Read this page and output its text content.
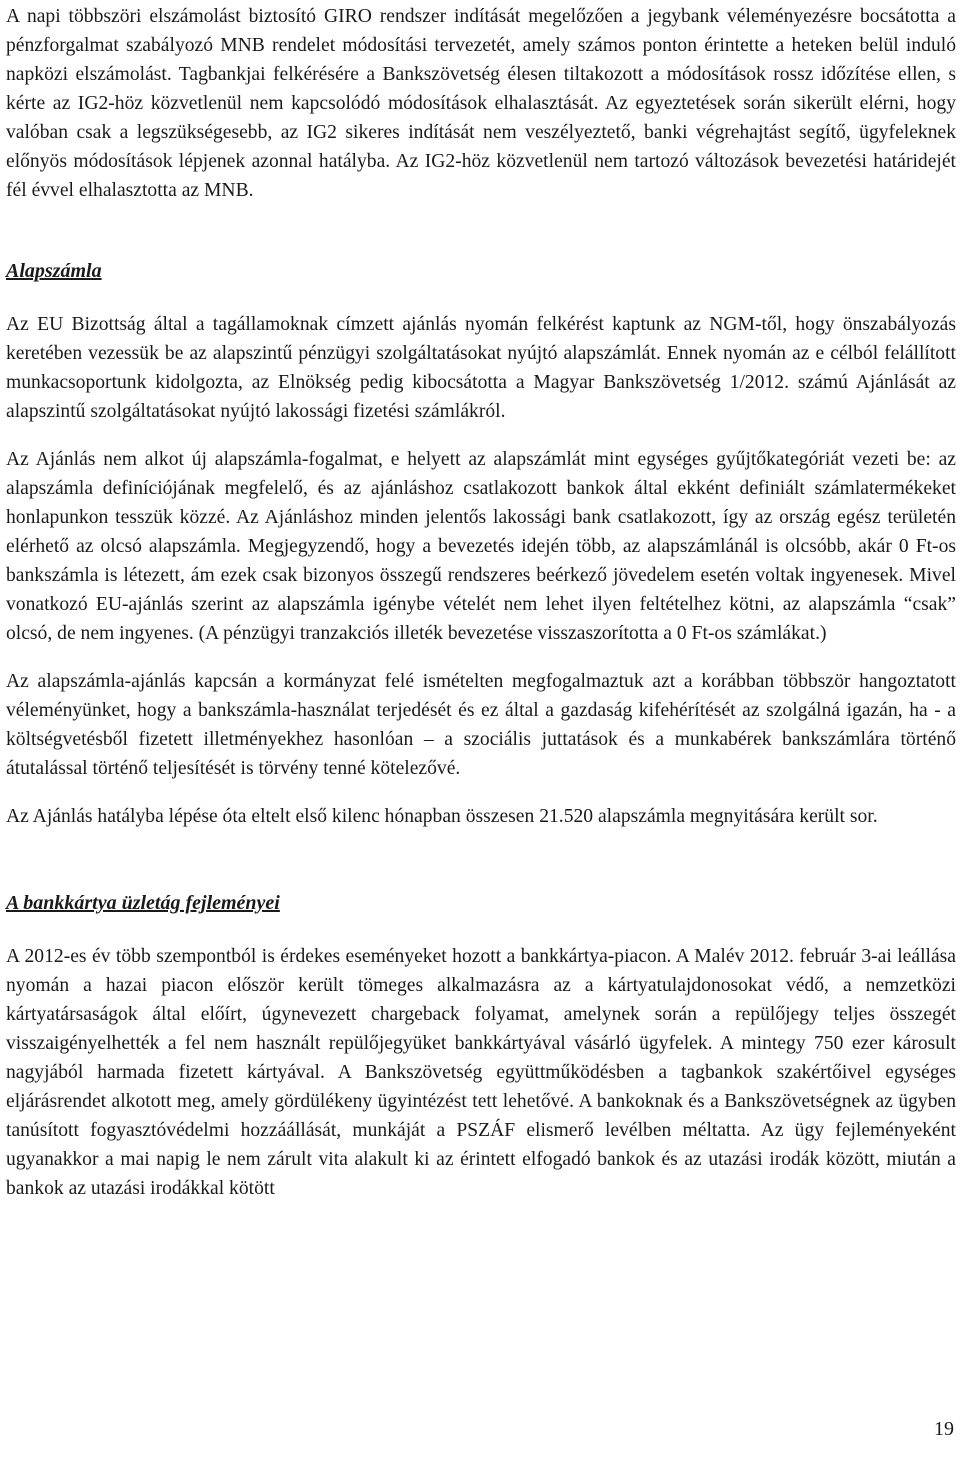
A napi többszöri elszámolást biztosító GIRO rendszer indítását megelőzően a jegybank véleményezésre bocsátotta a pénzforgalmat szabályozó MNB rendelet módosítási tervezetét, amely számos ponton érintette a heteken belül induló napközi elszámolást. Tagbankjai felkérésére a Bankszövetség élesen tiltakozott a módosítások rossz időzítése ellen, s kérte az IG2-höz közvetlenül nem kapcsolódó módosítások elhalasztását. Az egyeztetések során sikerült elérni, hogy valóban csak a legszükségesebb, az IG2 sikeres indítását nem veszélyeztető, banki végrehajtást segítő, ügyfeleknek előnyös módosítások lépjenek azonnal hatályba. Az IG2-höz közvetlenül nem tartozó változások bevezetési határidejét fél évvel elhalasztotta az MNB.

Alapszámla

Az EU Bizottság által a tagállamoknak címzett ajánlás nyomán felkérést kaptunk az NGM-től, hogy önszabályozás keretében vezessük be az alapszintű pénzügyi szolgáltatásokat nyújtó alapszámlát. Ennek nyomán az e célból felállított munkacsoportunk kidolgozta, az Elnökség pedig kibocsátotta a Magyar Bankszövetség 1/2012. számú Ajánlását az alapszintű szolgáltatásokat nyújtó lakossági fizetési számlákról.

Az Ajánlás nem alkot új alapszámla-fogalmat, e helyett az alapszámlát mint egységes gyűjtőkategóriát vezeti be: az alapszámla definíciójának megfelelő, és az ajánláshoz csatlakozott bankok által ekként definiált számlatermékeket honlapunkon tesszük közzé. Az Ajánláshoz minden jelentős lakossági bank csatlakozott, így az ország egész területén elérhető az olcsó alapszámla. Megjegyzendő, hogy a bevezetés idején több, az alapszámlánál is olcsóbb, akár 0 Ft-os bankszámla is létezett, ám ezek csak bizonyos összegű rendszeres beérkező jövedelem esetén voltak ingyenesek. Mivel vonatkozó EU-ajánlás szerint az alapszámla igénybe vételét nem lehet ilyen feltételhez kötni, az alapszámla “csak” olcsó, de nem ingyenes. (A pénzügyi tranzakciós illeték bevezetése visszaszorította a 0 Ft-os számlákat.)

Az alapszámla-ajánlás kapcsán a kormányzat felé ismételten megfogalmaztuk azt a korábban többször hangoztatott véleményünket, hogy a bankszámla-használat terjedését és ez által a gazdaság kifehérítését az szolgálná igazán, ha - a költségvetésből fizetett illetményekhez hasonlóan – a szociális juttatások és a munkabérek bankszámlára történő átutalással történő teljesítését is törvény tenné kötelezővé.

Az Ajánlás hatályba lépése óta eltelt első kilenc hónapban összesen 21.520 alapszámla megnyitására került sor.

A bankkártya üzletág fejleményei

A 2012-es év több szempontból is érdekes eseményeket hozott a bankkártya-piacon. A Malév 2012. február 3-ai leállása nyomán a hazai piacon először került tömeges alkalmazásra az a kártyatulajdonosokat védő, a nemzetközi kártyatársaságok által előírt, úgynevezett chargeback folyamat, amelynek során a repülőjegy teljes összegét visszaigényelhették a fel nem használt repülőjegyüket bankkártyával vásárló ügyfelek. A mintegy 750 ezer károsult nagyjából harmada fizetett kártyával. A Bankszövetség együttműködésben a tagbankok szakértőivel egységes eljárásrendet alkotott meg, amely gördülékeny ügyintézést tett lehetővé. A bankoknak és a Bankszövetségnek az ügyben tanúsított fogyasztóvédelmi hozzáállását, munkáját a PSZÁF elismerő levélben méltatta. Az ügy fejleményeként ugyanakkor a mai napig le nem zárult vita alakult ki az érintett elfogadó bankok és az utazási irodák között, miután a bankok az utazási irodákkal kötött

19
